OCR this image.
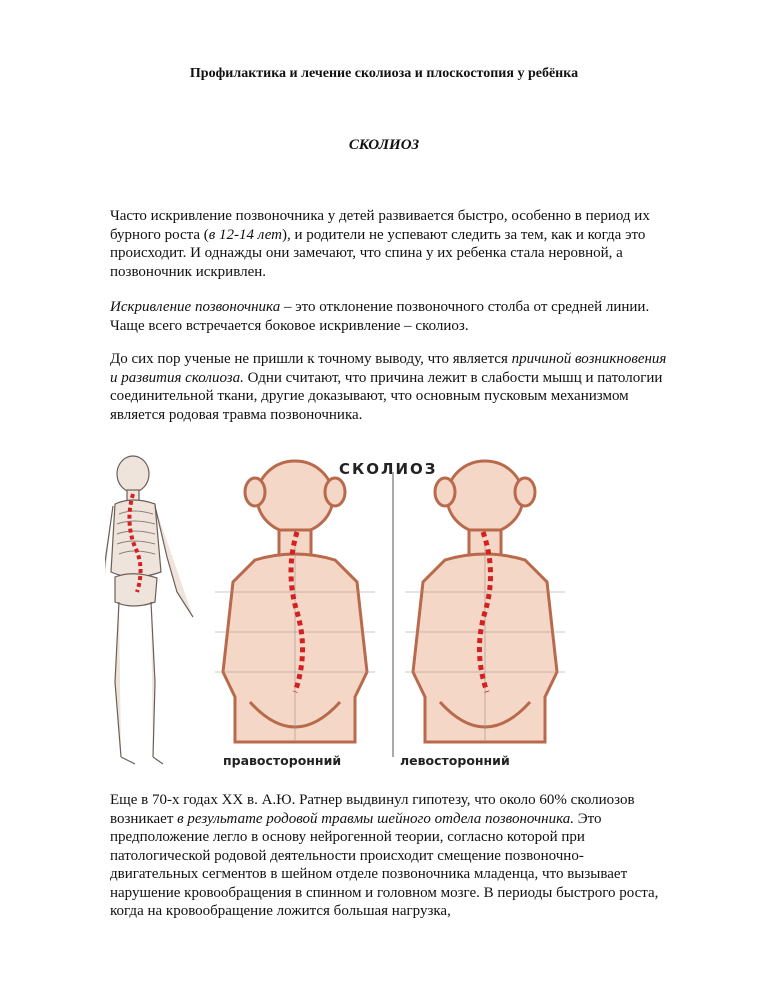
Профилактика и лечение сколиоза и плоскостопия у ребёнка
СКОЛИОЗ

Часто искривление позвоночника у детей развивается быстро, особенно в период их бурного роста (в 12-14 лет), и родители не успевают следить за тем, как и когда это происходит. И однажды они замечают, что спина у их ребенка стала неровной, а позвоночник искривлен.

Искривление позвоночника – это отклонение позвоночного столба от средней линии. Чаще всего встречается боковое искривление – сколиоз.

До сих пор ученые не пришли к точному выводу, что является причиной возникновения и развития сколиоза. Одни считают, что причина лежит в слабости мышц и патологии соединительной ткани, другие доказывают, что основным пусковым механизмом является родовая травма позвоночника.

СКОЛИОЗ
правосторонний	левосторонний

Еще в 70-х годах XX в. А.Ю. Ратнер выдвинул гипотезу, что около 60% сколиозов возникает в результате родовой травмы шейного отдела позвоночника. Это предположение легло в основу нейрогенной теории, согласно которой при патологической родовой деятельности происходит смещение позвоночно-двигательных сегментов в шейном отделе позвоночника младенца, что вызывает нарушение кровообращения в спинном и головном мозге. В периоды быстрого роста, когда на кровообращение ложится большая нагрузка,
